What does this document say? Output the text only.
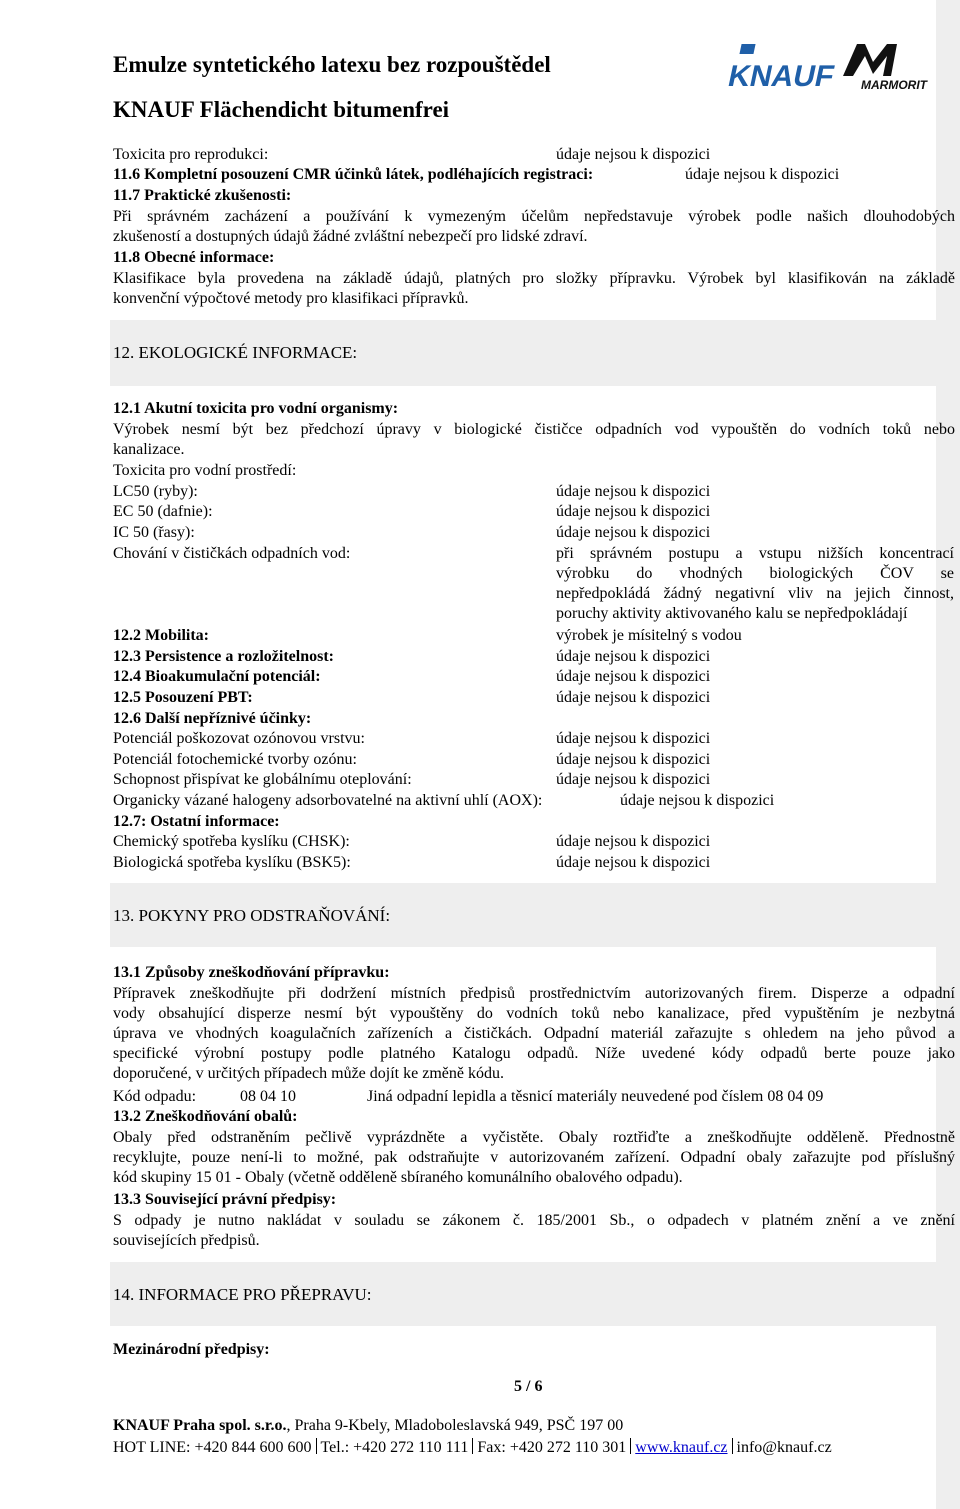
Emulze syntetického latexu bez rozpouštědel
KNAUF Flächendicht bitumenfrei
KNAUF MARMORIT
Toxicita pro reprodukci:	údaje nejsou k dispozici
11.6 Kompletní posouzení CMR účinků látek, podléhajících registraci:	údaje nejsou k dispozici
11.7 Praktické zkušenosti:
Při správném zacházení a používání k vymezeným účelům nepředstavuje výrobek podle našich dlouhodobých
zkušeností a dostupných údajů žádné zvláštní nebezpečí pro lidské zdraví.
11.8 Obecné informace:
Klasifikace byla provedena na základě údajů, platných pro složky přípravku. Výrobek byl klasifikován na základě
konvenční výpočtové metody pro klasifikaci přípravků.
12. EKOLOGICKÉ INFORMACE:
12.1 Akutní toxicita pro vodní organismy:
Výrobek nesmí být bez předchozí úpravy v biologické čističce odpadních vod vypouštěn do vodních toků nebo
kanalizace.
Toxicita pro vodní prostředí:
LC50 (ryby):	údaje nejsou k dispozici
EC 50 (dafnie):	údaje nejsou k dispozici
IC 50 (řasy):	údaje nejsou k dispozici
Chování v čističkách odpadních vod:	při správném postupu a vstupu nižších koncentrací
výrobku do vhodných biologických ČOV se
nepředpokládá žádný negativní vliv na jejich činnost,
poruchy aktivity aktivovaného kalu se nepředpokládají
12.2 Mobilita:	výrobek je mísitelný s vodou
12.3 Persistence a rozložitelnost:	údaje nejsou k dispozici
12.4 Bioakumulační potenciál:	údaje nejsou k dispozici
12.5 Posouzení PBT:	údaje nejsou k dispozici
12.6 Další nepříznivé účinky:
Potenciál poškozovat ozónovou vrstvu:	údaje nejsou k dispozici
Potenciál fotochemické tvorby ozónu:	údaje nejsou k dispozici
Schopnost přispívat ke globálnímu oteplování:	údaje nejsou k dispozici
Organicky vázané halogeny adsorbovatelné na aktivní uhlí (AOX):	údaje nejsou k dispozici
12.7: Ostatní informace:
Chemický spotřeba kyslíku (CHSK):	údaje nejsou k dispozici
Biologická spotřeba kyslíku (BSK5):	údaje nejsou k dispozici
13. POKYNY PRO ODSTRAŇOVÁNÍ:
13.1 Způsoby zneškodňování přípravku:
Přípravek zneškodňujte při dodržení místních předpisů prostřednictvím autorizovaných firem. Disperze a odpadní
vody obsahující disperze nesmí být vypouštěny do vodních toků nebo kanalizace, před vypuštěním je nezbytná
úprava ve vhodných koagulačních zařízeních a čističkách. Odpadní materiál zařazujte s ohledem na jeho původ a
specifické výrobní postupy podle platného Katalogu odpadů. Níže uvedené kódy odpadů berte pouze jako
doporučené, v určitých případech může dojít ke změně kódu.
Kód odpadu:	08 04 10	Jiná odpadní lepidla a těsnicí materiály neuvedené pod číslem 08 04 09
13.2 Zneškodňování obalů:
Obaly před odstraněním pečlivě vyprázdněte a vyčistěte. Obaly roztřiďte a zneškodňujte odděleně. Přednostně
recyklujte, pouze není-li to možné, pak odstraňujte v autorizovaném zařízení. Odpadní obaly zařazujte pod příslušný
kód skupiny 15 01 - Obaly (včetně odděleně sbíraného komunálního obalového odpadu).
13.3 Související právní předpisy:
S odpady je nutno nakládat v souladu se zákonem č. 185/2001 Sb., o odpadech v platném znění a ve znění
souvisejících předpisů.
14. INFORMACE PRO PŘEPRAVU:
Mezinárodní předpisy:
5 / 6
KNAUF Praha spol. s.r.o., Praha 9-Kbely, Mladoboleslavská 949, PSČ 197 00
HOT LINE: +420 844 600 600 Tel.: +420 272 110 111 Fax: +420 272 110 301 www.knauf.cz info@knauf.cz
